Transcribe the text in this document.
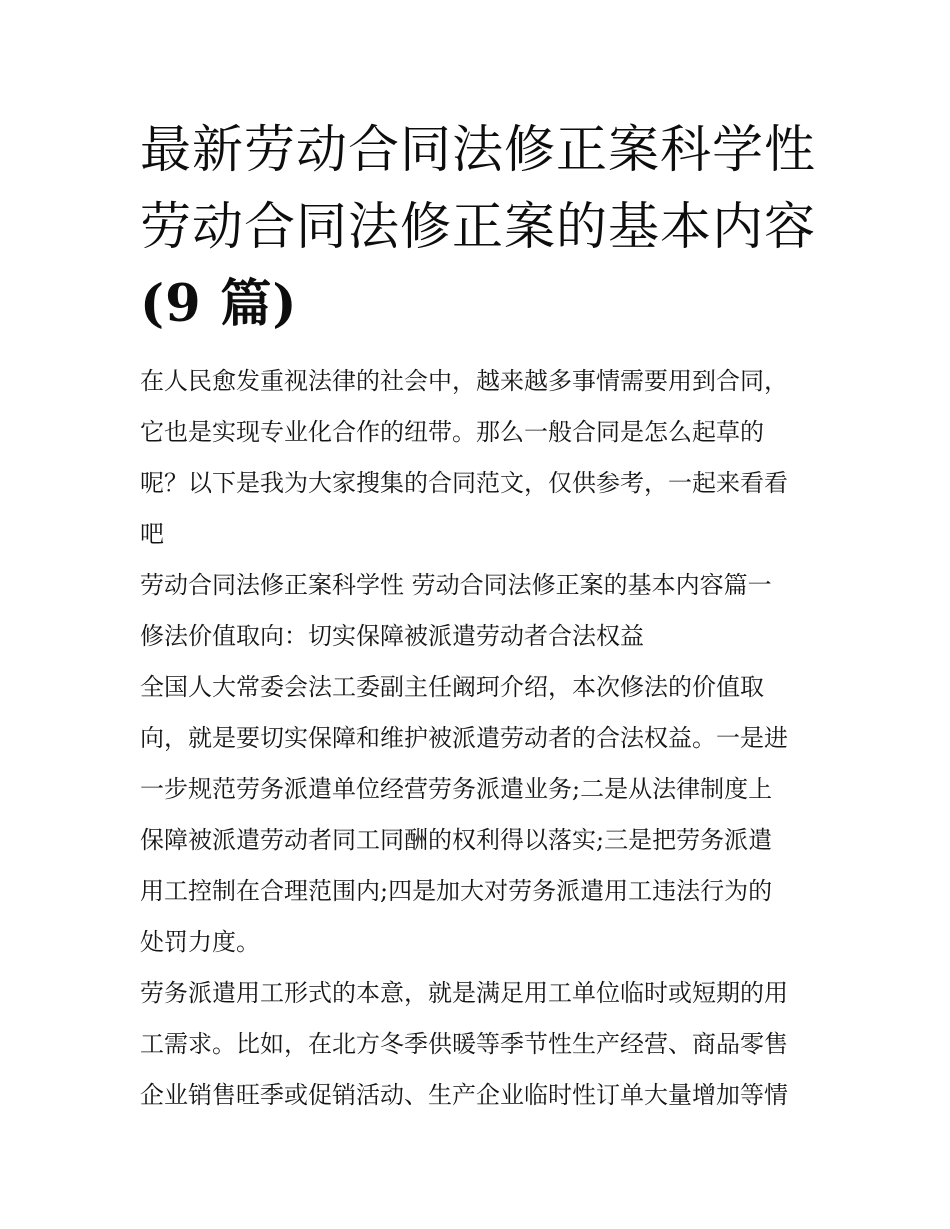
最新劳动合同法修正案科学性
劳动合同法修正案的基本内容
(9 篇)

在人民愈发重视法律的社会中，越来越多事情需要用到合同，
它也是实现专业化合作的纽带。那么一般合同是怎么起草的
呢？以下是我为大家搜集的合同范文，仅供参考，一起来看看
吧

劳动合同法修正案科学性 劳动合同法修正案的基本内容篇一

修法价值取向：切实保障被派遣劳动者合法权益

全国人大常委会法工委副主任阚珂介绍，本次修法的价值取
向，就是要切实保障和维护被派遣劳动者的合法权益。一是进
一步规范劳务派遣单位经营劳务派遣业务;二是从法律制度上
保障被派遣劳动者同工同酬的权利得以落实;三是把劳务派遣
用工控制在合理范围内;四是加大对劳务派遣用工违法行为的
处罚力度。

劳务派遣用工形式的本意，就是满足用工单位临时或短期的用
工需求。比如，在北方冬季供暖等季节性生产经营、商品零售
企业销售旺季或促销活动、生产企业临时性订单大量增加等情
